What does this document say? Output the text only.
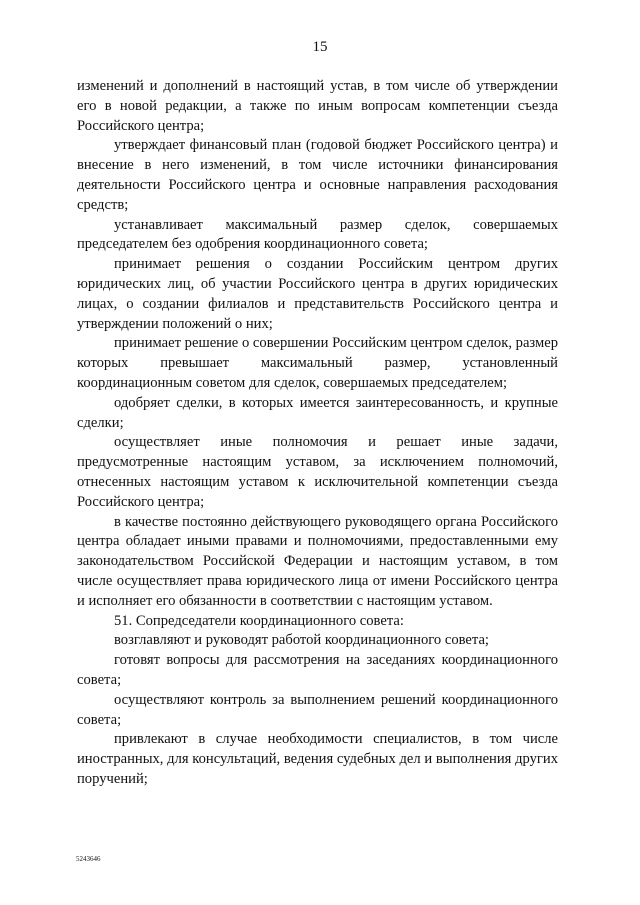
15

изменений и дополнений в настоящий устав, в том числе об утверждении его в новой редакции, а также по иным вопросам компетенции съезда Российского центра;

утверждает финансовый план (годовой бюджет Российского центра) и внесение в него изменений, в том числе источники финансирования деятельности Российского центра и основные направления расходования средств;

устанавливает максимальный размер сделок, совершаемых председателем без одобрения координационного совета;

принимает решения о создании Российским центром других юридических лиц, об участии Российского центра в других юридических лицах, о создании филиалов и представительств Российского центра и утверждении положений о них;

принимает решение о совершении Российским центром сделок, размер которых превышает максимальный размер, установленный координационным советом для сделок, совершаемых председателем;

одобряет сделки, в которых имеется заинтересованность, и крупные сделки;

осуществляет иные полномочия и решает иные задачи, предусмотренные настоящим уставом, за исключением полномочий, отнесенных настоящим уставом к исключительной компетенции съезда Российского центра;

в качестве постоянно действующего руководящего органа Российского центра обладает иными правами и полномочиями, предоставленными ему законодательством Российской Федерации и настоящим уставом, в том числе осуществляет права юридического лица от имени Российского центра и исполняет его обязанности в соответствии с настоящим уставом.

51. Сопредседатели координационного совета:

возглавляют и руководят работой координационного совета;

готовят вопросы для рассмотрения на заседаниях координационного совета;

осуществляют контроль за выполнением решений координационного совета;

привлекают в случае необходимости специалистов, в том числе иностранных, для консультаций, ведения судебных дел и выполнения других поручений;

5243646
